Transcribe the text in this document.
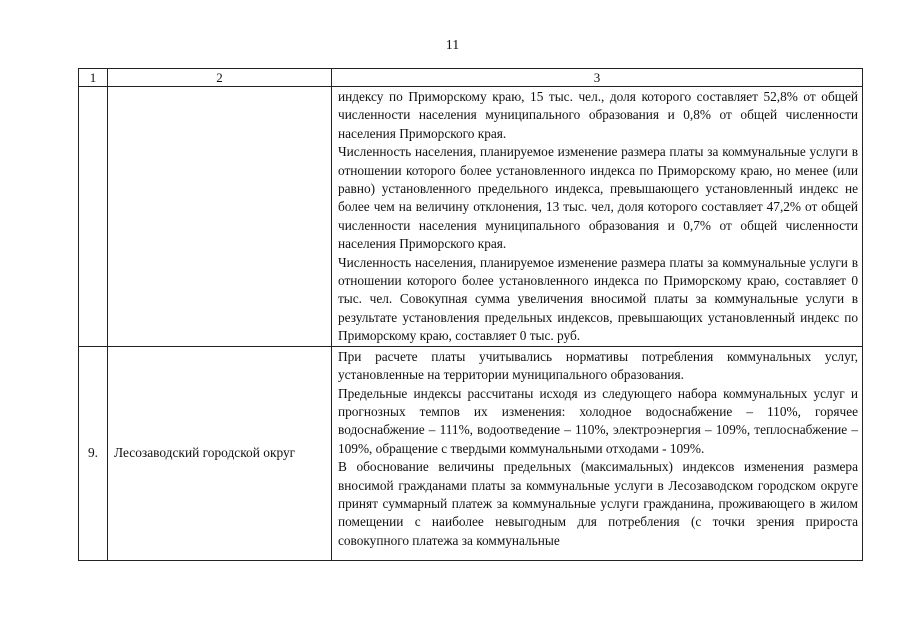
11
1	2	3

		индексу по Приморскому краю, 15 тыс. чел., доля которого составляет 52,8% от общей численности населения муниципального образования и 0,8% от общей численности населения Приморского края.

Численность населения, планируемое изменение размера платы за коммунальные услуги в отношении которого более установленного индекса по Приморскому краю, но менее (или равно) установленного предельного индекса, превышающего установленный индекс не более чем на величину отклонения, 13 тыс. чел, доля которого составляет 47,2% от общей численности населения муниципального образования и 0,7% от общей численности населения Приморского края.

Численность населения, планируемое изменение размера платы за коммунальные услуги в отношении которого более установленного индекса по Приморскому краю, составляет 0 тыс. чел. Совокупная сумма увеличения вносимой платы за коммунальные услуги в результате установления предельных индексов, превышающих установленный индекс по Приморскому краю, составляет 0 тыс. руб.

9.	Лесозаводский городской округ	При расчете платы учитывались нормативы потребления коммунальных услуг, установленные на территории муниципального образования.

Предельные индексы рассчитаны исходя из следующего набора коммунальных услуг и прогнозных темпов их изменения: холодное водоснабжение – 110%, горячее водоснабжение – 111%, водоотведение – 110%, электроэнергия – 109%, теплоснабжение – 109%, обращение с твердыми коммунальными отходами - 109%.

В обоснование величины предельных (максимальных) индексов изменения размера вносимой гражданами платы за коммунальные услуги в Лесозаводском городском округе принят суммарный платеж за коммунальные услуги гражданина, проживающего в жилом помещении с наиболее невыгодным для потребления (с точки зрения прироста совокупного платежа за коммунальные
